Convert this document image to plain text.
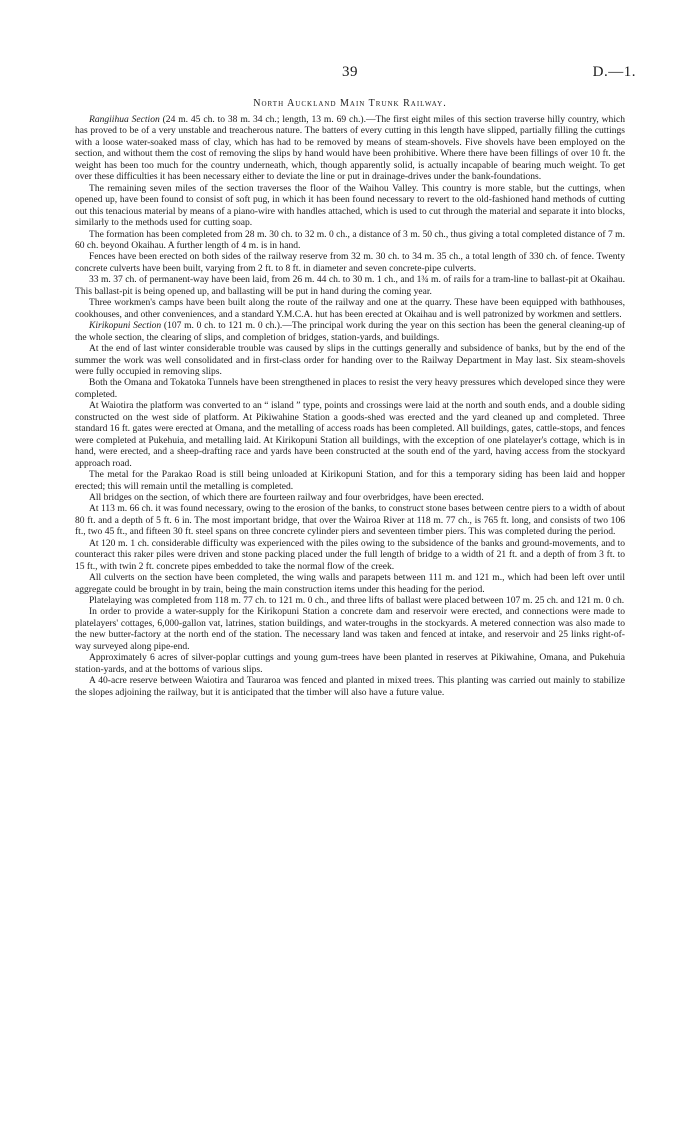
39	D.—1.
North Auckland Main Trunk Railway.

Rangiihua Section (24 m. 45 ch. to 38 m. 34 ch.; length, 13 m. 69 ch.).—The first eight miles of this section traverse hilly country, which has proved to be of a very unstable and treacherous nature. The batters of every cutting in this length have slipped, partially filling the cuttings with a loose water-soaked mass of clay, which has had to be removed by means of steam-shovels. Five shovels have been employed on the section, and without them the cost of removing the slips by hand would have been prohibitive. Where there have been fillings of over 10 ft. the weight has been too much for the country underneath, which, though apparently solid, is actually incapable of bearing much weight. To get over these difficulties it has been necessary either to deviate the line or put in drainage-drives under the bank-foundations.

The remaining seven miles of the section traverses the floor of the Waihou Valley. This country is more stable, but the cuttings, when opened up, have been found to consist of soft pug, in which it has been found necessary to revert to the old-fashioned hand methods of cutting out this tenacious material by means of a piano-wire with handles attached, which is used to cut through the material and separate it into blocks, similarly to the methods used for cutting soap.

The formation has been completed from 28 m. 30 ch. to 32 m. 0 ch., a distance of 3 m. 50 ch., thus giving a total completed distance of 7 m. 60 ch. beyond Okaihau. A further length of 4 m. is in hand.

Fences have been erected on both sides of the railway reserve from 32 m. 30 ch. to 34 m. 35 ch., a total length of 330 ch. of fence. Twenty concrete culverts have been built, varying from 2 ft. to 8 ft. in diameter and seven concrete-pipe culverts.

33 m. 37 ch. of permanent-way have been laid, from 26 m. 44 ch. to 30 m. 1 ch., and 1¾ m. of rails for a tram-line to ballast-pit at Okaihau. This ballast-pit is being opened up, and ballasting will be put in hand during the coming year.

Three workmen's camps have been built along the route of the railway and one at the quarry. These have been equipped with bathhouses, cookhouses, and other conveniences, and a standard Y.M.C.A. hut has been erected at Okaihau and is well patronized by workmen and settlers.

Kirikopuni Section (107 m. 0 ch. to 121 m. 0 ch.).—The principal work during the year on this section has been the general cleaning-up of the whole section, the clearing of slips, and completion of bridges, station-yards, and buildings.

At the end of last winter considerable trouble was caused by slips in the cuttings generally and subsidence of banks, but by the end of the summer the work was well consolidated and in first-class order for handing over to the Railway Department in May last. Six steam-shovels were fully occupied in removing slips.

Both the Omana and Tokatoka Tunnels have been strengthened in places to resist the very heavy pressures which developed since they were completed.

At Waiotira the platform was converted to an “ island ” type, points and crossings were laid at the north and south ends, and a double siding constructed on the west side of platform. At Pikiwahine Station a goods-shed was erected and the yard cleaned up and completed. Three standard 16 ft. gates were erected at Omana, and the metalling of access roads has been completed. All buildings, gates, cattle-stops, and fences were completed at Pukehuia, and metalling laid. At Kirikopuni Station all buildings, with the exception of one platelayer's cottage, which is in hand, were erected, and a sheep-drafting race and yards have been constructed at the south end of the yard, having access from the stockyard approach road.

The metal for the Parakao Road is still being unloaded at Kirikopuni Station, and for this a temporary siding has been laid and hopper erected; this will remain until the metalling is completed.

All bridges on the section, of which there are fourteen railway and four overbridges, have been erected.

At 113 m. 66 ch. it was found necessary, owing to the erosion of the banks, to construct stone bases between centre piers to a width of about 80 ft. and a depth of 5 ft. 6 in. The most important bridge, that over the Wairoa River at 118 m. 77 ch., is 765 ft. long, and consists of two 106 ft., two 45 ft., and fifteen 30 ft. steel spans on three concrete cylinder piers and seventeen timber piers. This was completed during the period.

At 120 m. 1 ch. considerable difficulty was experienced with the piles owing to the subsidence of the banks and ground-movements, and to counteract this raker piles were driven and stone packing placed under the full length of bridge to a width of 21 ft. and a depth of from 3 ft. to 15 ft., with twin 2 ft. concrete pipes embedded to take the normal flow of the creek.

All culverts on the section have been completed, the wing walls and parapets between 111 m. and 121 m., which had been left over until aggregate could be brought in by train, being the main construction items under this heading for the period.

Platelaying was completed from 118 m. 77 ch. to 121 m. 0 ch., and three lifts of ballast were placed between 107 m. 25 ch. and 121 m. 0 ch.

In order to provide a water-supply for the Kirikopuni Station a concrete dam and reservoir were erected, and connections were made to platelayers' cottages, 6,000-gallon vat, latrines, station buildings, and water-troughs in the stockyards. A metered connection was also made to the new butter-factory at the north end of the station. The necessary land was taken and fenced at intake, and reservoir and 25 links right-of-way surveyed along pipe-end.

Approximately 6 acres of silver-poplar cuttings and young gum-trees have been planted in reserves at Pikiwahine, Omana, and Pukehuia station-yards, and at the bottoms of various slips.

A 40-acre reserve between Waiotira and Tauraroa was fenced and planted in mixed trees. This planting was carried out mainly to stabilize the slopes adjoining the railway, but it is anticipated that the timber will also have a future value.
